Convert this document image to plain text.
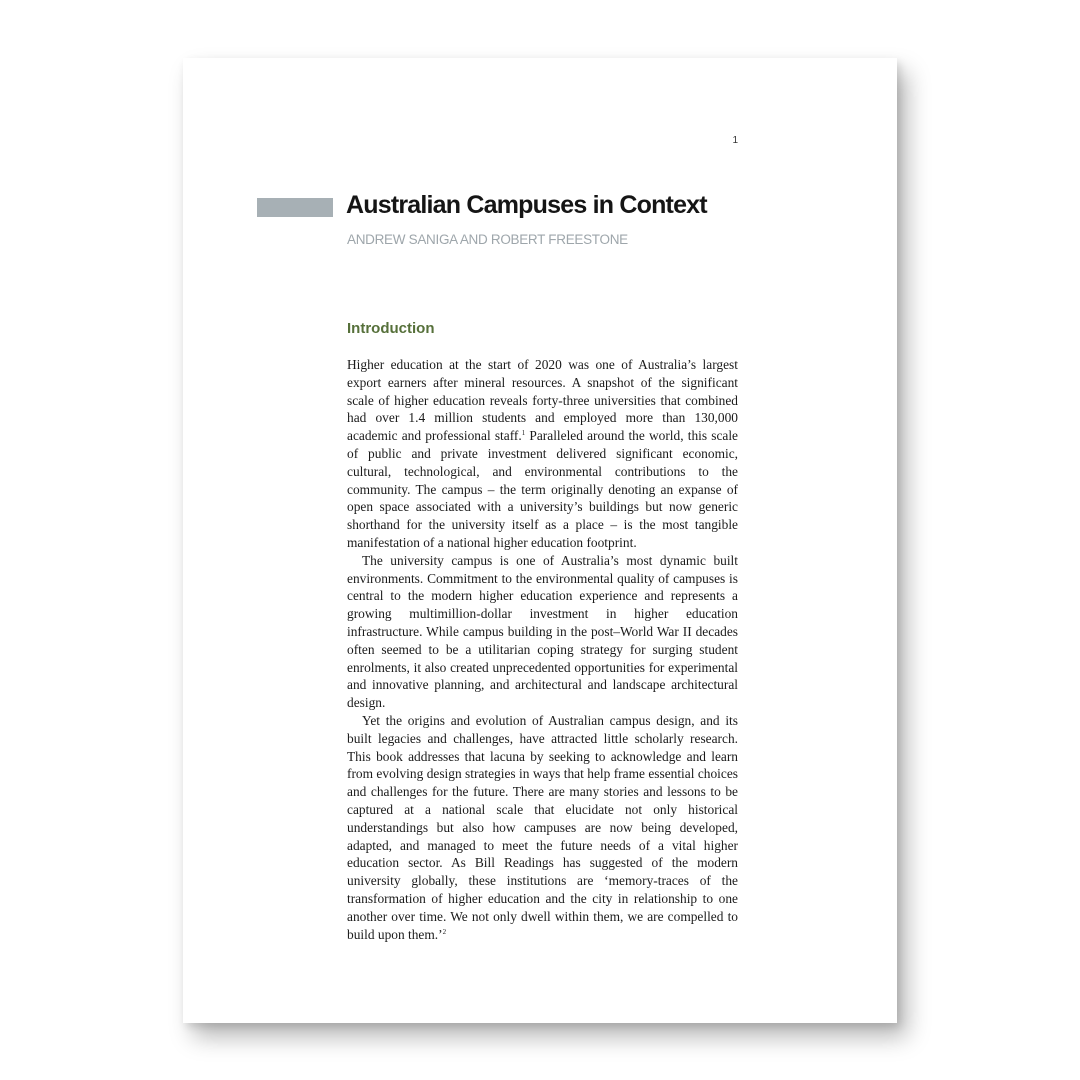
1
Australian Campuses in Context
ANDREW SANIGA AND ROBERT FREESTONE
Introduction

Higher education at the start of 2020 was one of Australia’s largest export earners after mineral resources. A snapshot of the significant scale of higher education reveals forty-three universities that combined had over 1.4 million students and employed more than 130,000 academic and professional staff.$^1$ Paralleled around the world, this scale of public and private investment delivered significant economic, cultural, technological, and environmental contributions to the community. The campus – the term originally denoting an expanse of open space associated with a university’s buildings but now generic shorthand for the university itself as a place – is the most tangible manifestation of a national higher education footprint.

The university campus is one of Australia’s most dynamic built environments. Commitment to the environmental quality of campuses is central to the modern higher education experience and represents a growing multimillion-dollar investment in higher education infrastructure. While campus building in the post–World War II decades often seemed to be a utilitarian coping strategy for surging student enrolments, it also created unprecedented opportunities for experimental and innovative planning, and architectural and landscape architectural design.

Yet the origins and evolution of Australian campus design, and its built legacies and challenges, have attracted little scholarly research. This book addresses that lacuna by seeking to acknowledge and learn from evolving design strategies in ways that help frame essential choices and challenges for the future. There are many stories and lessons to be captured at a national scale that elucidate not only historical understandings but also how campuses are now being developed, adapted, and managed to meet the future needs of a vital higher education sector. As Bill Readings has suggested of the modern university globally, these institutions are ‘memory-traces of the transformation of higher education and the city in relationship to one another over time. We not only dwell within them, we are compelled to build upon them.’$^2$
